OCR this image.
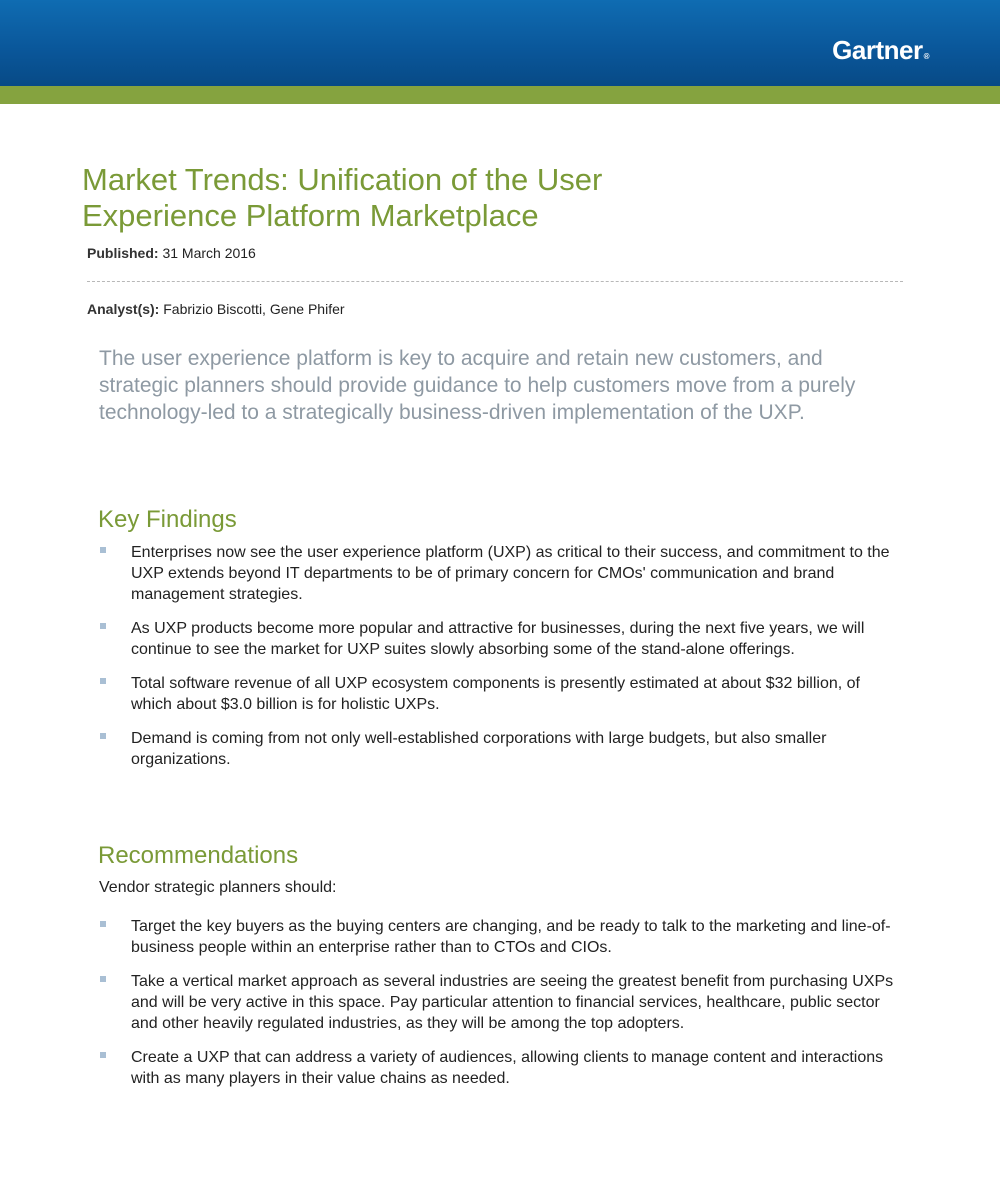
Gartner®
Market Trends: Unification of the User
Experience Platform Marketplace
Published: 31 March 2016
Analyst(s): Fabrizio Biscotti, Gene Phifer

The user experience platform is key to acquire and retain new customers, and strategic planners should provide guidance to help customers move from a purely technology-led to a strategically business-driven implementation of the UXP.

Key Findings
Enterprises now see the user experience platform (UXP) as critical to their success, and commitment to the UXP extends beyond IT departments to be of primary concern for CMOs' communication and brand management strategies.
As UXP products become more popular and attractive for businesses, during the next five years, we will continue to see the market for UXP suites slowly absorbing some of the stand-alone offerings.
Total software revenue of all UXP ecosystem components is presently estimated at about $32 billion, of which about $3.0 billion is for holistic UXPs.
Demand is coming from not only well-established corporations with large budgets, but also smaller organizations.
Recommendations

Vendor strategic planners should:

Target the key buyers as the buying centers are changing, and be ready to talk to the marketing and line-of-business people within an enterprise rather than to CTOs and CIOs.
Take a vertical market approach as several industries are seeing the greatest benefit from purchasing UXPs and will be very active in this space. Pay particular attention to financial services, healthcare, public sector and other heavily regulated industries, as they will be among the top adopters.
Create a UXP that can address a variety of audiences, allowing clients to manage content and interactions with as many players in their value chains as needed.
